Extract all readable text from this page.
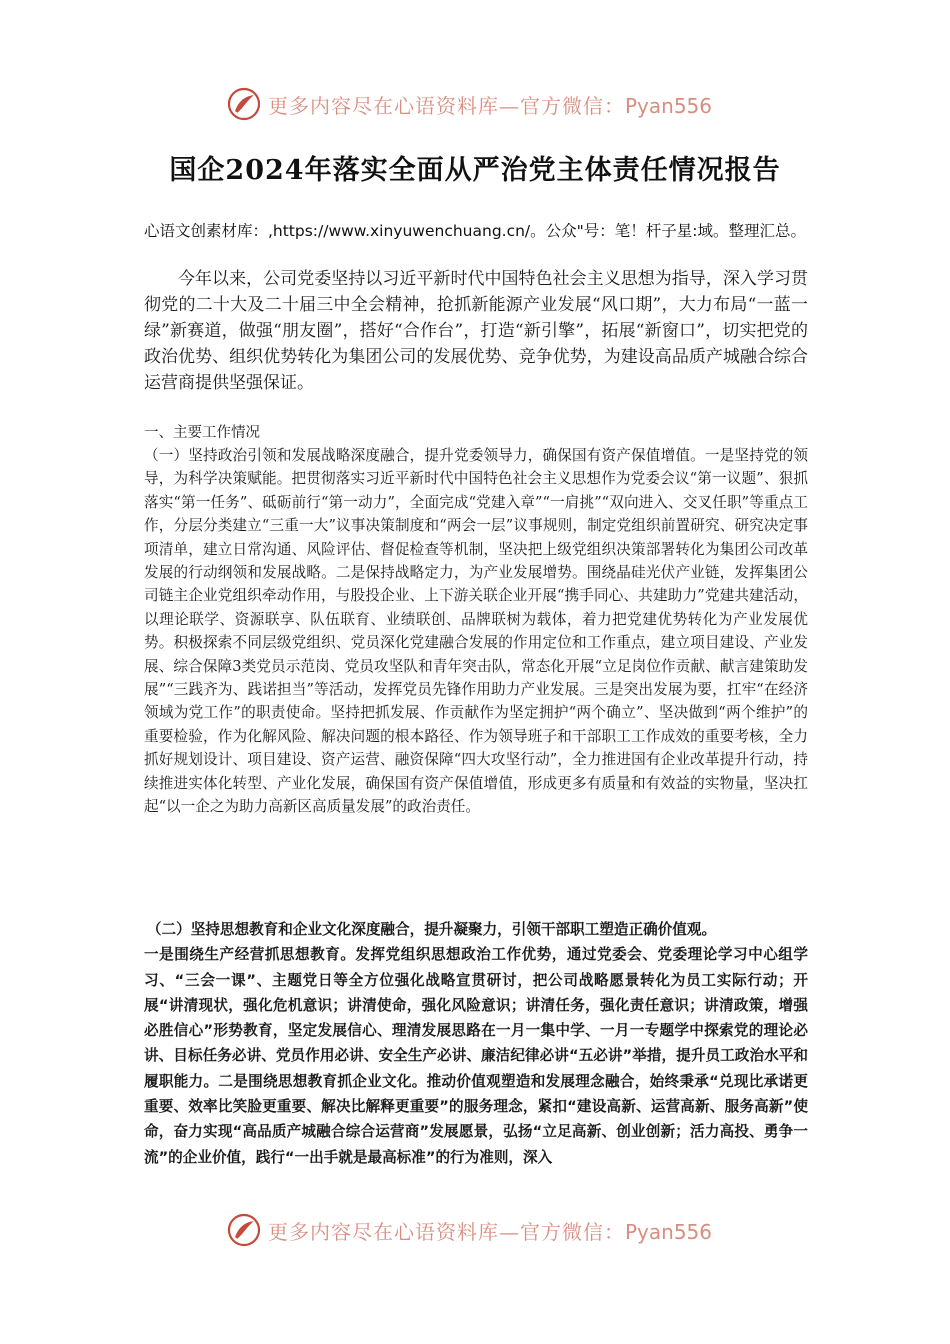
更多内容尽在心语资料库—官方微信：Pyan556
国企2024年落实全面从严治党主体责任情况报告
心语文创素材库：,https://www.xinyuwenchuang.cn/。公众"号：笔！杆子星:域。整理汇总。
今年以来，公司党委坚持以习近平新时代中国特色社会主义思想为指导，深入学习贯彻党的二十大及二十届三中全会精神，抢抓新能源产业发展“风口期”，大力布局“一蓝一绿”新赛道，做强“朋友圈”，搭好“合作台”，打造“新引擎”，拓展“新窗口”，切实把党的政治优势、组织优势转化为集团公司的发展优势、竞争优势，为建设高品质产城融合综合运营商提供坚强保证。
一、主要工作情况
（一）坚持政治引领和发展战略深度融合，提升党委领导力，确保国有资产保值增值。一是坚持党的领导，为科学决策赋能。把贯彻落实习近平新时代中国特色社会主义思想作为党委会议“第一议题”、狠抓落实“第一任务”、砥砺前行“第一动力”，全面完成“党建入章”“一肩挑”“双向进入、交叉任职”等重点工作，分层分类建立“三重一大”议事决策制度和“两会一层”议事规则，制定党组织前置研究、研究决定事项清单，建立日常沟通、风险评估、督促检查等机制，坚决把上级党组织决策部署转化为集团公司改革发展的行动纲领和发展战略。二是保持战略定力，为产业发展增势。围绕晶硅光伏产业链，发挥集团公司链主企业党组织牵动作用，与股投企业、上下游关联企业开展“携手同心、共建助力”党建共建活动，以理论联学、资源联享、队伍联育、业绩联创、品牌联树为载体，着力把党建优势转化为产业发展优势。积极探索不同层级党组织、党员深化党建融合发展的作用定位和工作重点，建立项目建设、产业发展、综合保障3类党员示范岗、党员攻坚队和青年突击队，常态化开展“立足岗位作贡献、献言建策助发展”“三践齐为、践诺担当”等活动，发挥党员先锋作用助力产业发展。三是突出发展为要，扛牢“在经济领域为党工作”的职责使命。坚持把抓发展、作贡献作为坚定拥护“两个确立”、坚决做到“两个维护”的重要检验，作为化解风险、解决问题的根本路径、作为领导班子和干部职工工作成效的重要考核，全力抓好规划设计、项目建设、资产运营、融资保障“四大攻坚行动”，全力推进国有企业改革提升行动，持续推进实体化转型、产业化发展，确保国有资产保值增值，形成更多有质量和有效益的实物量，坚决扛起“以一企之为助力高新区高质量发展”的政治责任。
（二）坚持思想教育和企业文化深度融合，提升凝聚力，引领干部职工塑造正确价值观。
一是围绕生产经营抓思想教育。发挥党组织思想政治工作优势，通过党委会、党委理论学习中心组学习、“三会一课”、主题党日等全方位强化战略宣贯研讨，把公司战略愿景转化为员工实际行动；开展“讲清现状，强化危机意识；讲清使命，强化风险意识；讲清任务，强化责任意识；讲清政策，增强必胜信心”形势教育，坚定发展信心、理清发展思路在一月一集中学、一月一专题学中探索党的理论必讲、目标任务必讲、党员作用必讲、安全生产必讲、廉洁纪律必讲“五必讲”举措，提升员工政治水平和履职能力。二是围绕思想教育抓企业文化。推动价值观塑造和发展理念融合，始终秉承“兑现比承诺更重要、效率比笑脸更重要、解决比解释更重要”的服务理念，紧扣“建设高新、运营高新、服务高新”使命，奋力实现“高品质产城融合综合运营商”发展愿景，弘扬“立足高新、创业创新；活力高投、勇争一流”的企业价值，践行“一出手就是最高标准”的行为准则，深入
更多内容尽在心语资料库—官方微信：Pyan556
